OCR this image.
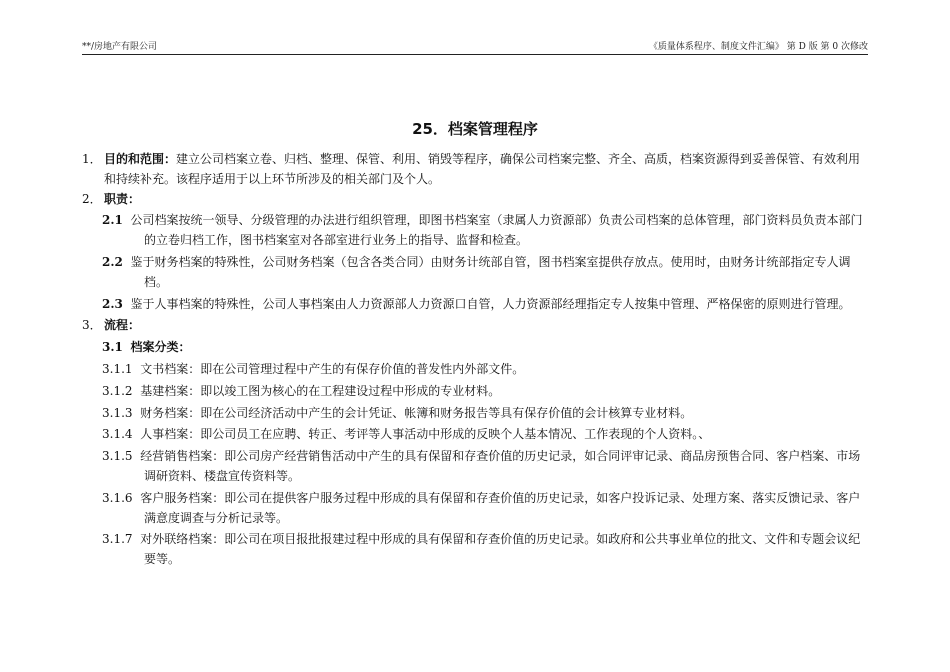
**/房地产有限公司	《质量体系程序、制度文件汇编》 第 D 版 第 0 次修改
25．档案管理程序
1． 目的和范围：建立公司档案立卷、归档、整理、保管、利用、销毁等程序，确保公司档案完整、齐全、高质，档案资源得到妥善保管、有效利用和持续补充。该程序适用于以上环节所涉及的相关部门及个人。
2． 职责：
2.1 公司档案按统一领导、分级管理的办法进行组织管理，即图书档案室（隶属人力资源部）负责公司档案的总体管理，部门资料员负责本部门的立卷归档工作，图书档案室对各部室进行业务上的指导、监督和检查。
2.2 鉴于财务档案的特殊性，公司财务档案（包含各类合同）由财务计统部自管，图书档案室提供存放点。使用时，由财务计统部指定专人调档。
2.3 鉴于人事档案的特殊性，公司人事档案由人力资源部人力资源口自管，人力资源部经理指定专人按集中管理、严格保密的原则进行管理。
3． 流程：
3.1 档案分类：
3.1.1 文书档案：即在公司管理过程中产生的有保存价值的普发性内外部文件。
3.1.2 基建档案：即以竣工图为核心的在工程建设过程中形成的专业材料。
3.1.3 财务档案：即在公司经济活动中产生的会计凭证、帐簿和财务报告等具有保存价值的会计核算专业材料。
3.1.4 人事档案：即公司员工在应聘、转正、考评等人事活动中形成的反映个人基本情况、工作表现的个人资料。、
3.1.5 经营销售档案：即公司房产经营销售活动中产生的具有保留和存查价值的历史记录，如合同评审记录、商品房预售合同、客户档案、市场调研资料、楼盘宣传资料等。
3.1.6 客户服务档案：即公司在提供客户服务过程中形成的具有保留和存查价值的历史记录，如客户投诉记录、处理方案、落实反馈记录、客户满意度调查与分析记录等。
3.1.7 对外联络档案：即公司在项目报批报建过程中形成的具有保留和存查价值的历史记录。如政府和公共事业单位的批文、文件和专题会议纪要等。
